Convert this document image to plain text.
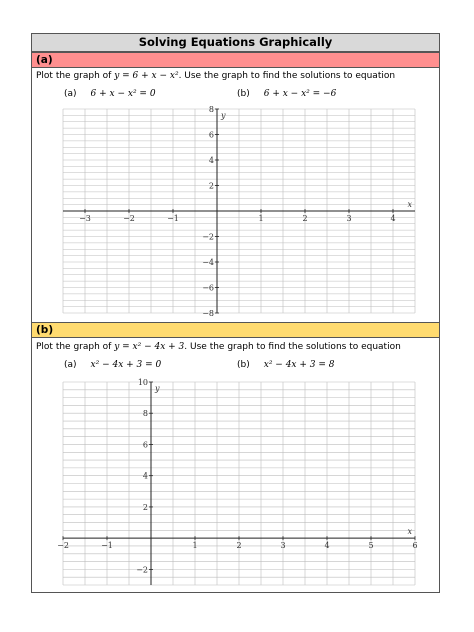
Solving Equations Graphically
(a)
Plot the graph of y = 6 + x − x². Use the graph to find the solutions to equation
(a) 6 + x − x² = 0	(b) 6 + x − x² = −6
−3	−2	−1	1	2	3	4
8
6
4
2
−2
−4
−6
−8
x
y
(b)
Plot the graph of y = x² − 4x + 3. Use the graph to find the solutions to equation
(a) x² − 4x + 3 = 0	(b) x² − 4x + 3 = 8
−2	−1	1	2	3	4	5	6
10
8
6
4
2
−2
x
y
